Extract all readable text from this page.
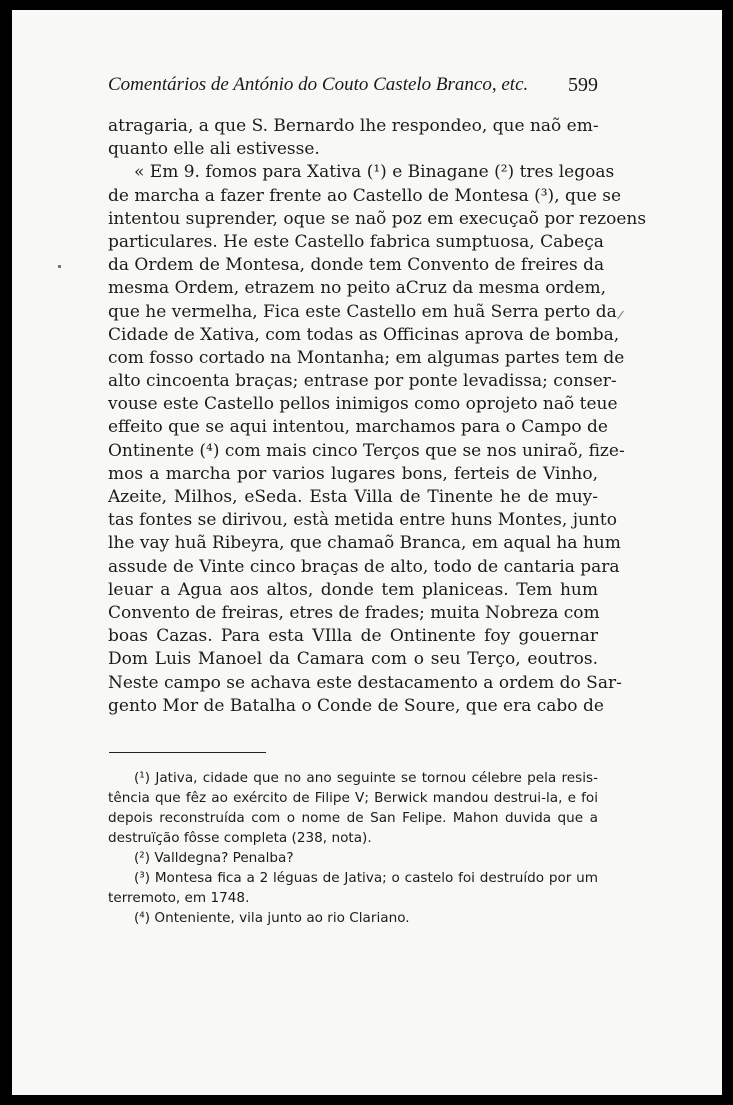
Comentários de António do Couto Castelo Branco, etc. 599
atragaria, a que S. Bernardo lhe respondeo, que naõ em-
quanto elle ali estivesse.
« Em 9. fomos para Xativa (¹) e Binagane (²) tres legoas
de marcha a fazer frente ao Castello de Montesa (³), que se
intentou suprender, oque se naõ poz em execuçaõ por rezoens
particulares. He este Castello fabrica sumptuosa, Cabeça
da Ordem de Montesa, donde tem Convento de freires da
mesma Ordem, etrazem no peito aCruz da mesma ordem,
que he vermelha, Fica este Castello em huã Serra perto da
Cidade de Xativa, com todas as Officinas aprova de bomba,
com fosso cortado na Montanha; em algumas partes tem de
alto cincoenta braças; entrase por ponte levadissa; conser-
vouse este Castello pellos inimigos como oprojeto naõ teue
effeito que se aqui intentou, marchamos para o Campo de
Ontinente (⁴) com mais cinco Terços que se nos uniraõ, fize-
mos a marcha por varios lugares bons, ferteis de Vinho,
Azeite, Milhos, eSeda. Esta Villa de Tinente he de muy-
tas fontes se dirivou, està metida entre huns Montes, junto
lhe vay huã Ribeyra, que chamaõ Branca, em aqual ha hum
assude de Vinte cinco braças de alto, todo de cantaria para
leuar a Agua aos altos, donde tem planiceas. Tem hum
Convento de freiras, etres de frades; muita Nobreza com
boas Cazas. Para esta VIlla de Ontinente foy gouernar
Dom Luis Manoel da Camara com o seu Terço, eoutros.
Neste campo se achava este destacamento a ordem do Sar-
gento Mor de Batalha o Conde de Soure, que era cabo de
(¹) Jativa, cidade que no ano seguinte se tornou célebre pela resis-
tência que fêz ao exército de Filipe V; Berwick mandou destrui-la, e foi
depois reconstruída com o nome de San Felipe. Mahon duvida que a
destruïção fôsse completa (238, nota).
(²) Valldegna? Penalba?
(³) Montesa fica a 2 léguas de Jativa; o castelo foi destruído por um
terremoto, em 1748.
(⁴) Onteniente, vila junto ao rio Clariano.
